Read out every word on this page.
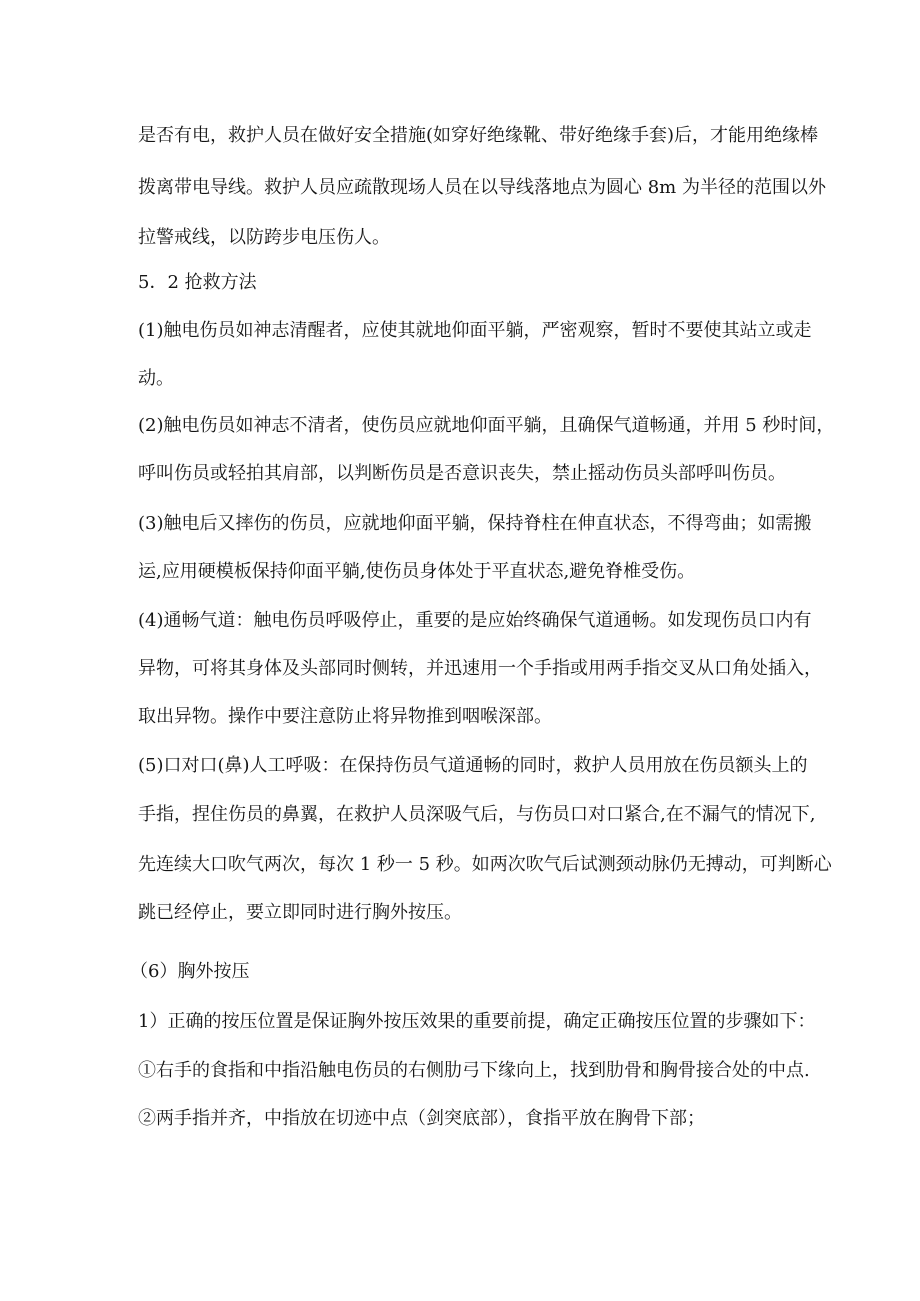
是否有电，救护人员在做好安全措施(如穿好绝缘靴、带好绝缘手套)后，才能用绝缘棒
拨离带电导线。救护人员应疏散现场人员在以导线落地点为圆心 8m 为半径的范围以外
拉警戒线，以防跨步电压伤人。
5．2 抢救方法
(1)触电伤员如神志清醒者，应使其就地仰面平躺，严密观察，暂时不要使其站立或走
动。
(2)触电伤员如神志不清者，使伤员应就地仰面平躺，且确保气道畅通，并用 5 秒时间，
呼叫伤员或轻拍其肩部，以判断伤员是否意识丧失，禁止摇动伤员头部呼叫伤员。
(3)触电后又摔伤的伤员，应就地仰面平躺，保持脊柱在伸直状态，不得弯曲；如需搬
运,应用硬模板保持仰面平躺,使伤员身体处于平直状态,避免脊椎受伤。
(4)通畅气道：触电伤员呼吸停止，重要的是应始终确保气道通畅。如发现伤员口内有
异物，可将其身体及头部同时侧转，并迅速用一个手指或用两手指交叉从口角处插入，
取出异物。操作中要注意防止将异物推到咽喉深部。
(5)口对口(鼻)人工呼吸：在保持伤员气道通畅的同时，救护人员用放在伤员额头上的
手指，捏住伤员的鼻翼，在救护人员深吸气后，与伤员口对口紧合,在不漏气的情况下,
先连续大口吹气两次，每次 1 秒一 5 秒。如两次吹气后试测颈动脉仍无搏动，可判断心
跳已经停止，要立即同时进行胸外按压。
（6）胸外按压
1）正确的按压位置是保证胸外按压效果的重要前提，确定正确按压位置的步骤如下：
①右手的食指和中指沿触电伤员的右侧肋弓下缘向上，找到肋骨和胸骨接合处的中点.
②两手指并齐，中指放在切迹中点（剑突底部），食指平放在胸骨下部；
